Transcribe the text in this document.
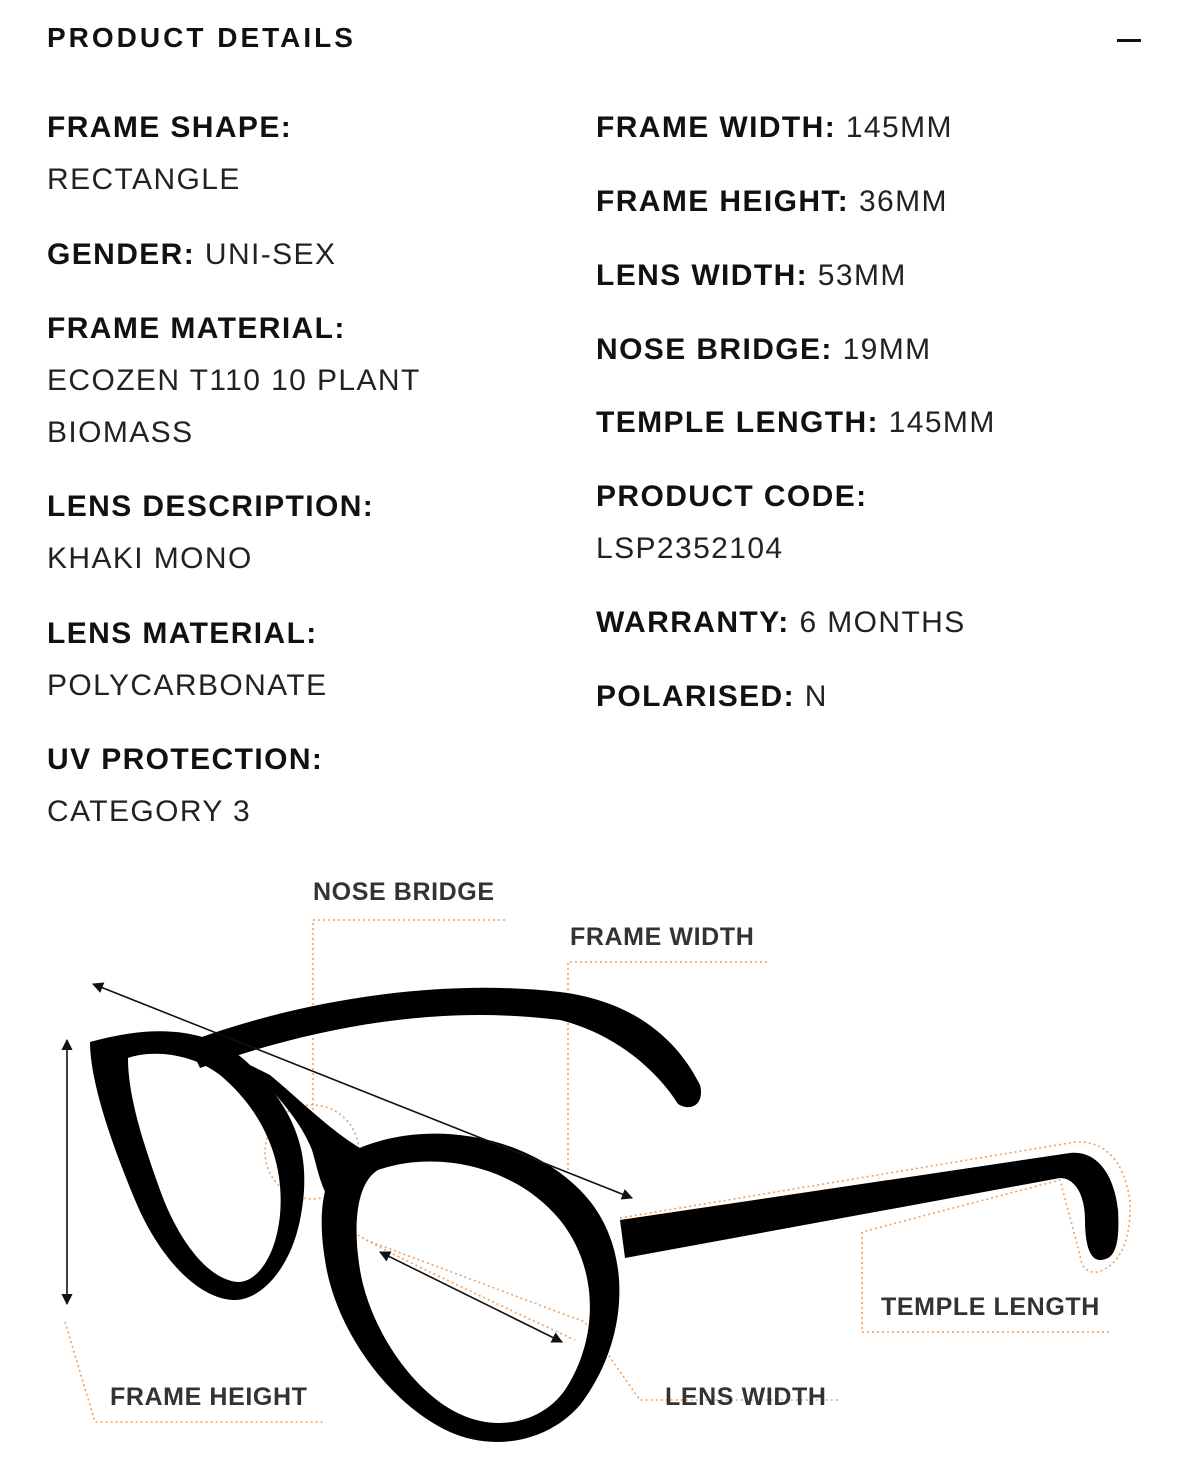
PRODUCT DETAILS
FRAME SHAPE:
RECTANGLE
GENDER: UNI-SEX
FRAME MATERIAL:
ECOZEN T110 10 PLANT BIOMASS
LENS DESCRIPTION:
KHAKI MONO
LENS MATERIAL:
POLYCARBONATE
UV PROTECTION:
CATEGORY 3
FRAME WIDTH: 145MM
FRAME HEIGHT: 36MM
LENS WIDTH: 53MM
NOSE BRIDGE: 19MM
TEMPLE LENGTH: 145MM
PRODUCT CODE:
LSP2352104
WARRANTY: 6 MONTHS
POLARISED: N
NOSE BRIDGE
FRAME WIDTH
TEMPLE LENGTH
FRAME HEIGHT	LENS WIDTH
